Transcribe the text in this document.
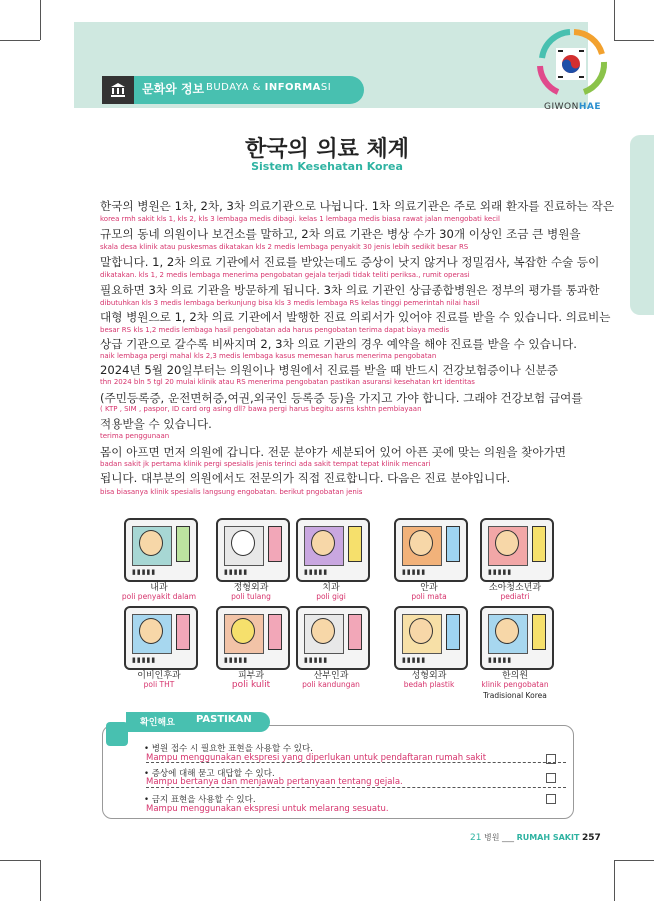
문화와 정보 BUDAYA & INFORMASI
GIWONHAE
한국의 의료 체계
Sistem Kesehatan Korea
한국의 병원은 1차, 2차, 3차 의료기관으로 나뉩니다. 1차 의료기관은 주로 외래 환자를 진료하는 작은
korea rmh sakit kls 1, kls 2, kls 3 lembaga medis dibagi. kelas 1 lembaga medis biasa rawat jalan mengobati kecil
규모의 동네 의원이나 보건소를 말하고, 2차 의료 기관은 병상 수가 30개 이상인 조금 큰 병원을
skala desa klinik atau puskesmas dikatakan kls 2 medis lembaga penyakit 30 jenis lebih sedikit besar RS
말합니다. 1, 2차 의료 기관에서 진료를 받았는데도 증상이 낫지 않거나 정밀검사, 복잡한 수술 등이
dikatakan. kls 1, 2 medis lembaga menerima pengobatan gejala terjadi tidak teliti periksa., rumit operasi
필요하면 3차 의료 기관을 방문하게 됩니다. 3차 의료 기관인 상급종합병원은 정부의 평가를 통과한
dibutuhkan kls 3 medis lembaga berkunjung bisa kls 3 medis lembaga RS kelas tinggi pemerintah nilai hasil
대형 병원으로 1, 2차 의료 기관에서 발행한 진료 의뢰서가 있어야 진료를 받을 수 있습니다. 의료비는
besar RS kls 1,2 medis lembaga hasil pengobatan ada harus pengobatan terima dapat biaya medis
상급 기관으로 갈수록 비싸지며 2, 3차 의료 기관의 경우 예약을 해야 진료를 받을 수 있습니다.
naik lembaga pergi mahal kls 2,3 medis lembaga kasus memesan harus menerima pengobatan
2024년 5월 20일부터는 의원이나 병원에서 진료를 받을 때 반드시 건강보험증이나 신분증
thn 2024 bln 5 tgl 20 mulai klinik atau RS menerima pengobatan pastikan asuransi kesehatan krt identitas
(주민등록증, 운전면허증,여권,외국인 등록증 등)을 가지고 가야 합니다. 그래야 건강보험 급여를
( KTP , SIM , paspor, ID card org asing dll? bawa pergi harus begitu asrns kshtn pembiayaan
적용받을 수 있습니다.
terima penggunaan
몸이 아프면 먼저 의원에 갑니다. 전문 분야가 세분되어 있어 아픈 곳에 맞는 의원을 찾아가면
badan sakit jk pertama klinik pergi spesialis jenis terinci ada sakit tempat tepat klinik mencari
됩니다. 대부분의 의원에서도 전문의가 직접 진료합니다. 다음은 진료 분야입니다.
bisa biasanya klinik spesialis langsung engobatan. berikut pngobatan jenis
▮▮▮▮▮	▮▮▮▮▮	▮▮▮▮▮	▮▮▮▮▮	▮▮▮▮▮
내과
poli penyakit dalam
정형외과
poli tulang
치과
poli gigi
안과
poli mata
소아청소년과
pediatri
▮▮▮▮▮	▮▮▮▮▮	▮▮▮▮▮	▮▮▮▮▮	▮▮▮▮▮
이비인후과
poli THT
피부과
poli kulit
산부인과
poli kandungan
성형외과
bedah plastik
한의원
klinik pengobatan
Tradisional Korea
확인해요 PASTIKAN
• 병원 접수 시 필요한 표현을 사용할 수 있다.
Mampu menggunakan ekspresi yang diperlukan untuk pendaftaran rumah sakit
• 증상에 대해 묻고 대답할 수 있다.
Mampu bertanya dan menjawab pertanyaan tentang gejala.
• 금지 표현을 사용할 수 있다.
Mampu menggunakan ekspresi untuk melarang sesuatu.
21 병원 ___ RUMAH SAKIT 257
